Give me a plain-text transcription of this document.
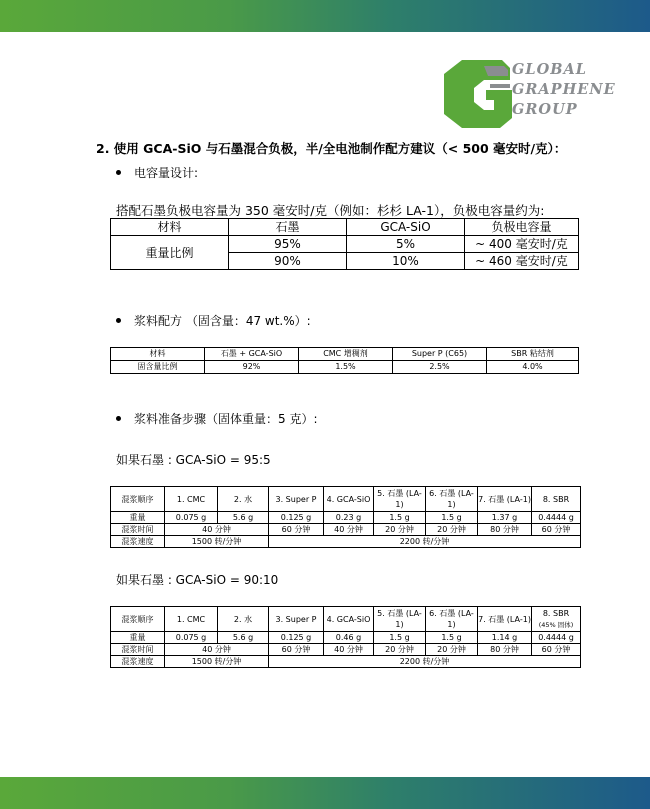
GLOBAL
GRAPHENE
GROUP
2. 使用 GCA-SiO 与石墨混合负极，半/全电池制作配方建议（< 500 毫安时/克）：
电容量设计:
搭配石墨负极电容量为 350 毫安时/克（例如：杉杉 LA-1），负极电容量约为:
材料	石墨	GCA-SiO	负极电容量
重量比例	95%	5%	~ 400 毫安时/克
	90%	10%	~ 460 毫安时/克
浆料配方 （固含量：47 wt.%）:
材料	石墨 + GCA-SiO	CMC 增稠剂	Super P (C65)	SBR 粘结剂
固含量比例	92%	1.5%	2.5%	4.0%
浆料准备步骤（固体重量：5 克）:
如果石墨 : GCA-SiO = 95:5
混浆顺序	1. CMC	2. 水	3. Super P	4. GCA-SiO	5. 石墨 (LA-1)	6. 石墨 (LA-1)	7. 石墨 (LA-1)	8. SBR

重量	0.075 g	5.6 g	0.125 g	0.23 g	1.5 g	1.5 g	1.37 g	0.4444 g
混浆时间	40 分钟		60 分钟	40 分钟	20 分钟	20 分钟	80 分钟	60 分钟
混浆速度	1500 转/分钟		2200 转/分钟					
如果石墨 : GCA-SiO = 90:10
混浆顺序	1. CMC	2. 水	3. Super P	4. GCA-SiO	5. 石墨 (LA-1)	6. 石墨 (LA-1)	7. 石墨 (LA-1)	8. SBR
(45% 固体)
重量	0.075 g	5.6 g	0.125 g	0.46 g	1.5 g	1.5 g	1.14 g	0.4444 g
混浆时间	40 分钟		60 分钟	40 分钟	20 分钟	20 分钟	80 分钟	60 分钟
混浆速度	1500 转/分钟		2200 转/分钟					
